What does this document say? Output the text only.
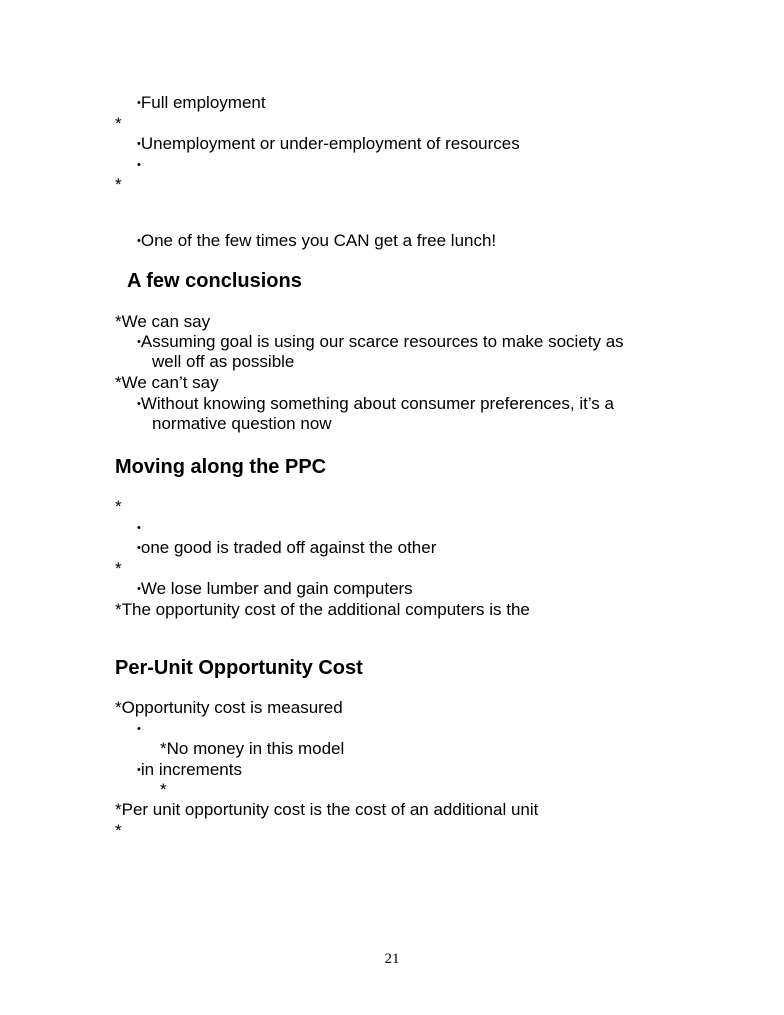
•Full employment
*
•Unemployment or under-employment of resources
•
*
•One of the few times you CAN get a free lunch!
A few conclusions
*We can say
•Assuming goal is using our scarce resources to make society as
well off as possible
*We can’t say
•Without knowing something about consumer preferences, it’s a
normative question now
Moving along the PPC
*
•
•one good is traded off against the other
*
•We lose lumber and gain computers
*The opportunity cost of the additional computers is the
Per-Unit Opportunity Cost
*Opportunity cost is measured
•
*No money in this model
•in increments
*
*Per unit opportunity cost is the cost of an additional unit
*
21
